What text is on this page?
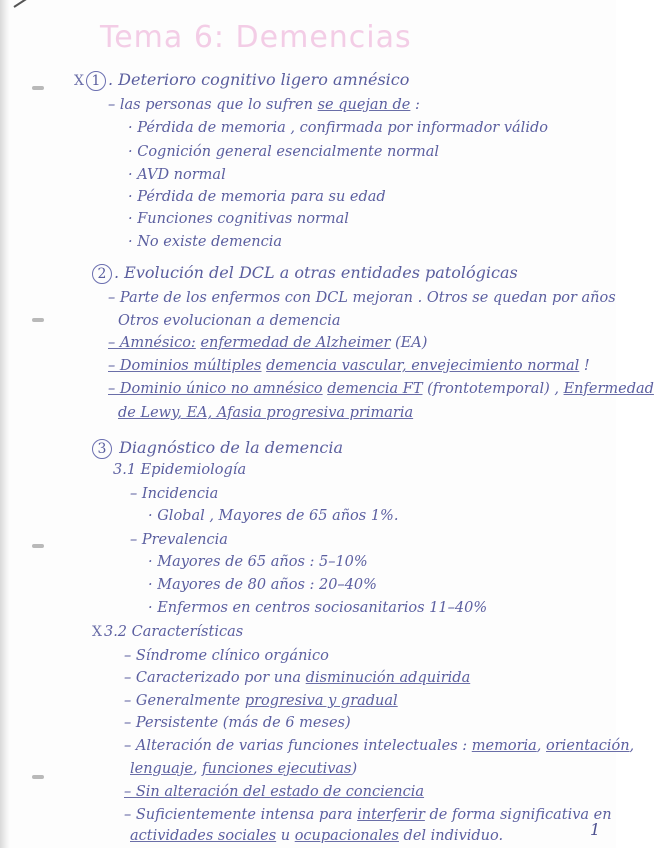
Tema 6: Demencias
X 1 . Deterioro cognitivo ligero amnésico
– las personas que lo sufren se quejan de :
· Pérdida de memoria , confirmada por informador válido
· Cognición general esencialmente normal
· AVD normal
· Pérdida de memoria para su edad
· Funciones cognitivas normal
· No existe demencia
2 . Evolución del DCL a otras entidades patológicas
– Parte de los enfermos con DCL mejoran . Otros se quedan por años
Otros evolucionan a demencia
– Amnésico: enfermedad de Alzheimer (EA)
– Dominios múltiples demencia vascular, envejecimiento normal !
– Dominio único no amnésico demencia FT (frontotemporal) , Enfermedad
de Lewy, EA, Afasia progresiva primaria
3 Diagnóstico de la demencia
3.1 Epidemiología
– Incidencia
· Global , Mayores de 65 años 1%.
– Prevalencia
· Mayores de 65 años : 5–10%
· Mayores de 80 años : 20–40%
· Enfermos en centros sociosanitarios 11–40%
X 3.2 Características
– Síndrome clínico orgánico
– Caracterizado por una disminución adquirida
– Generalmente progresiva y gradual
– Persistente (más de 6 meses)
– Alteración de varias funciones intelectuales : memoria, orientación,
lenguaje, funciones ejecutivas)
– Sin alteración del estado de conciencia
– Suficientemente intensa para interferir de forma significativa en
actividades sociales u ocupacionales del individuo.	1
